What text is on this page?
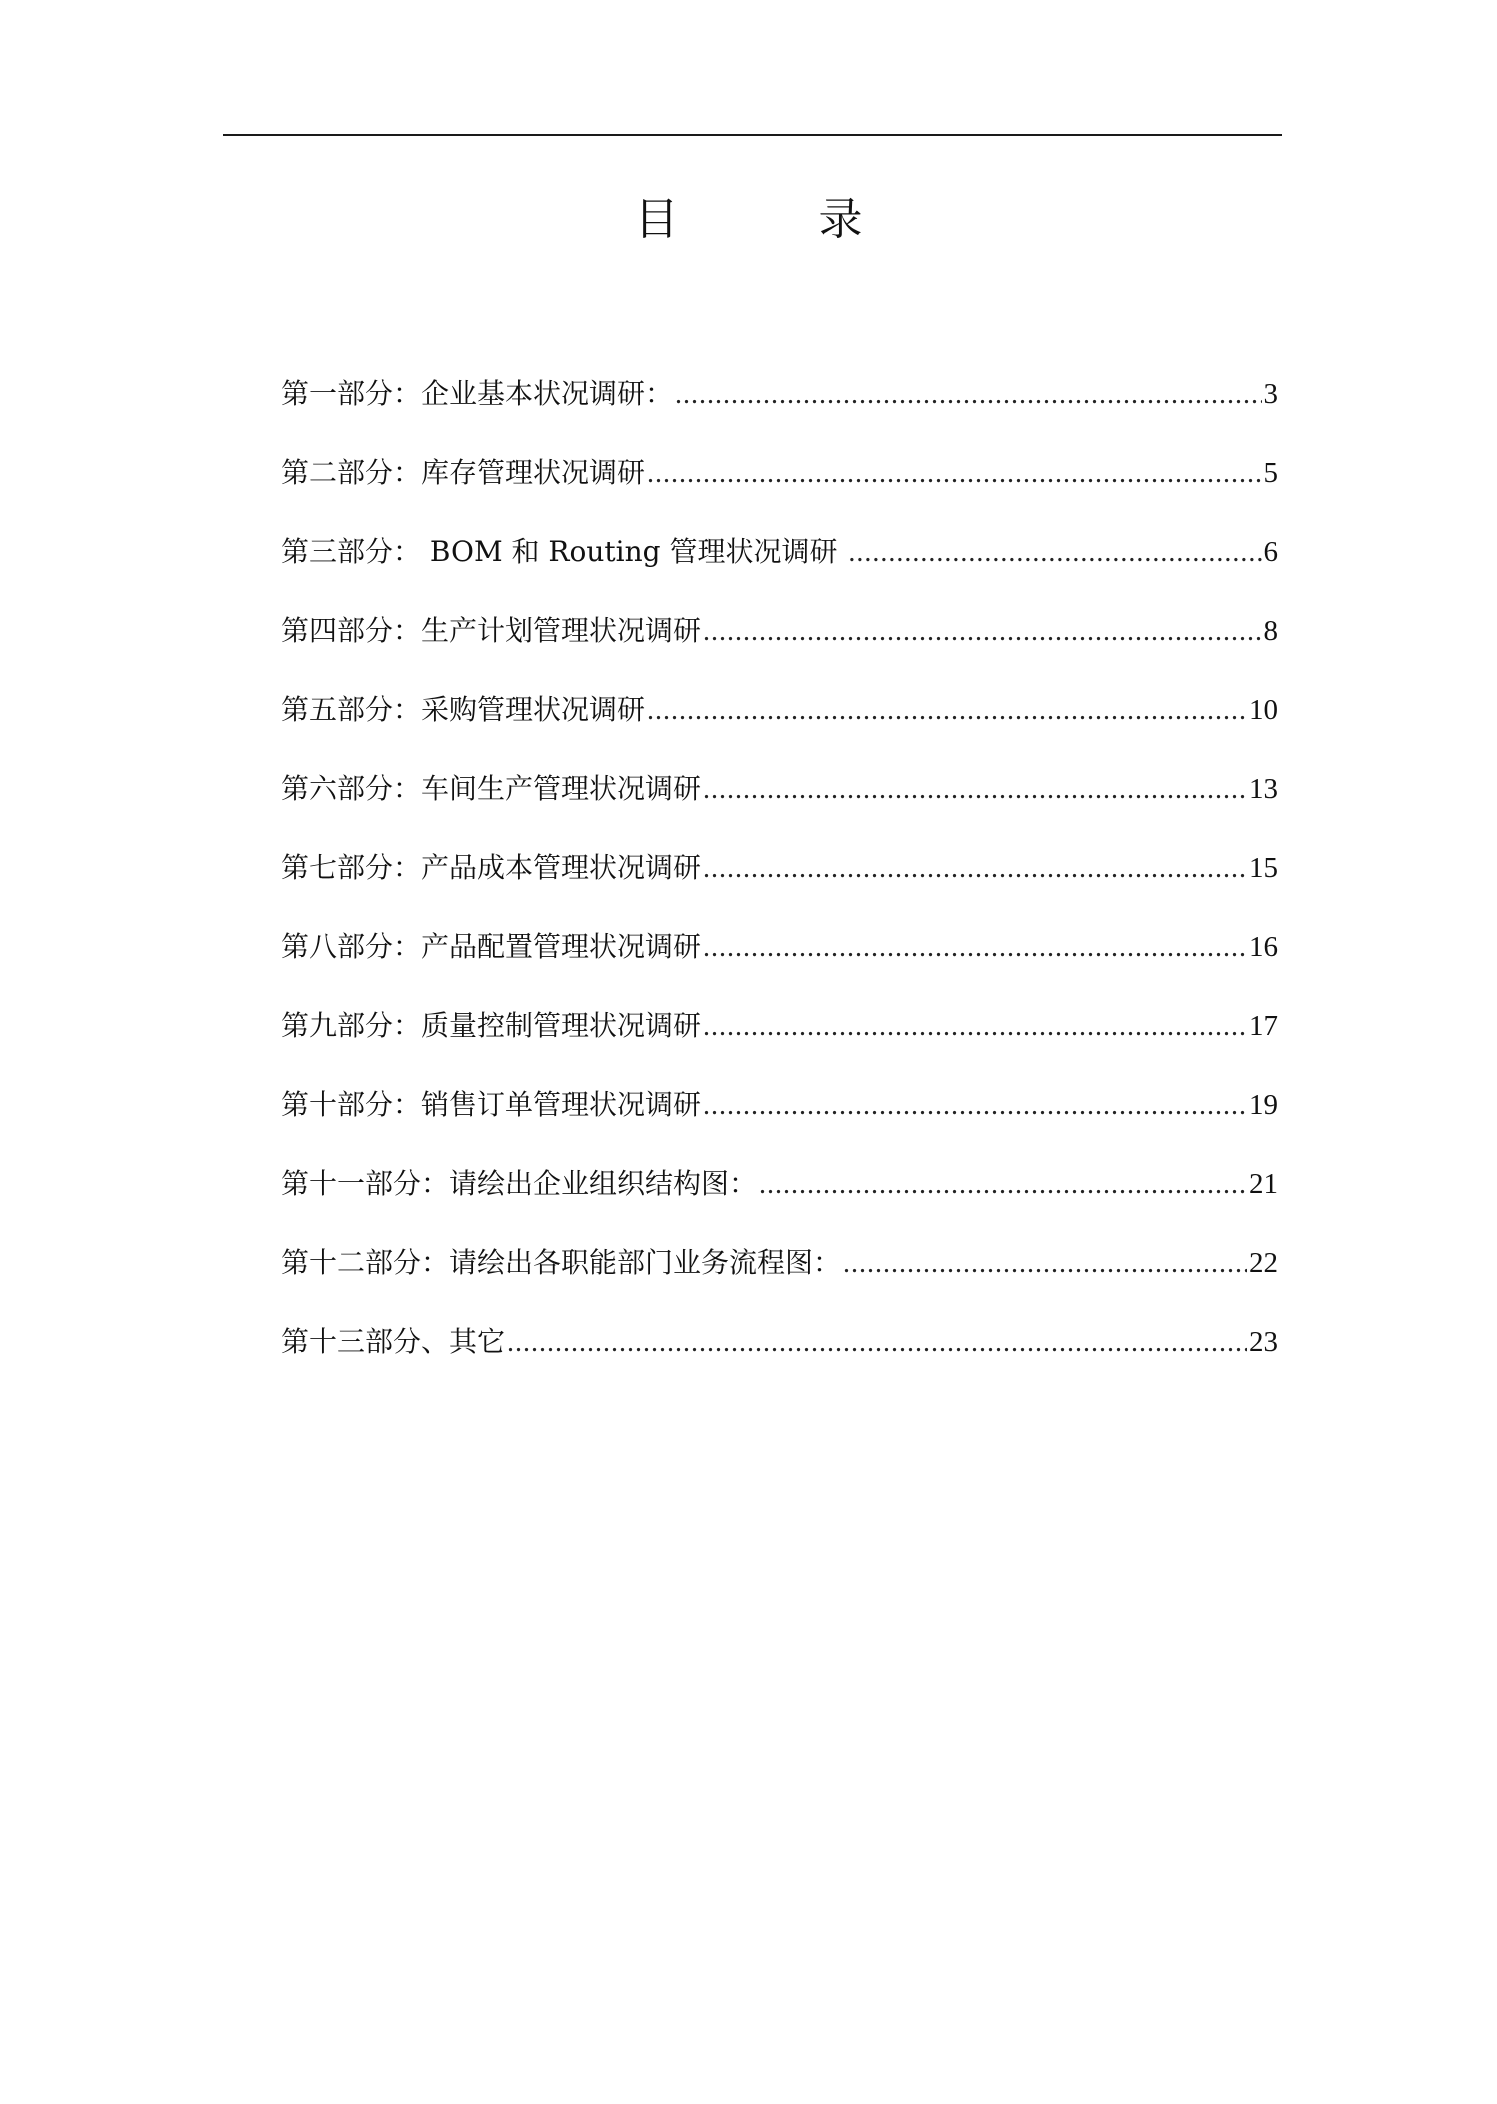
目	录
第一部分：企业基本状况调研： .....	3
第二部分：库存管理状况调研 .....	5
第三部分： BOM 和 Routing 管理状况调研 .....	6
第四部分：生产计划管理状况调研 .....	8
第五部分：采购管理状况调研 .....	10
第六部分：车间生产管理状况调研 .....	13
第七部分：产品成本管理状况调研 .....	15
第八部分：产品配置管理状况调研 .....	16
第九部分：质量控制管理状况调研 .....	17
第十部分：销售订单管理状况调研 .....	19
第十一部分：请绘出企业组织结构图： .....	21
第十二部分：请绘出各职能部门业务流程图： .....	22
第十三部分、其它 .....	23
